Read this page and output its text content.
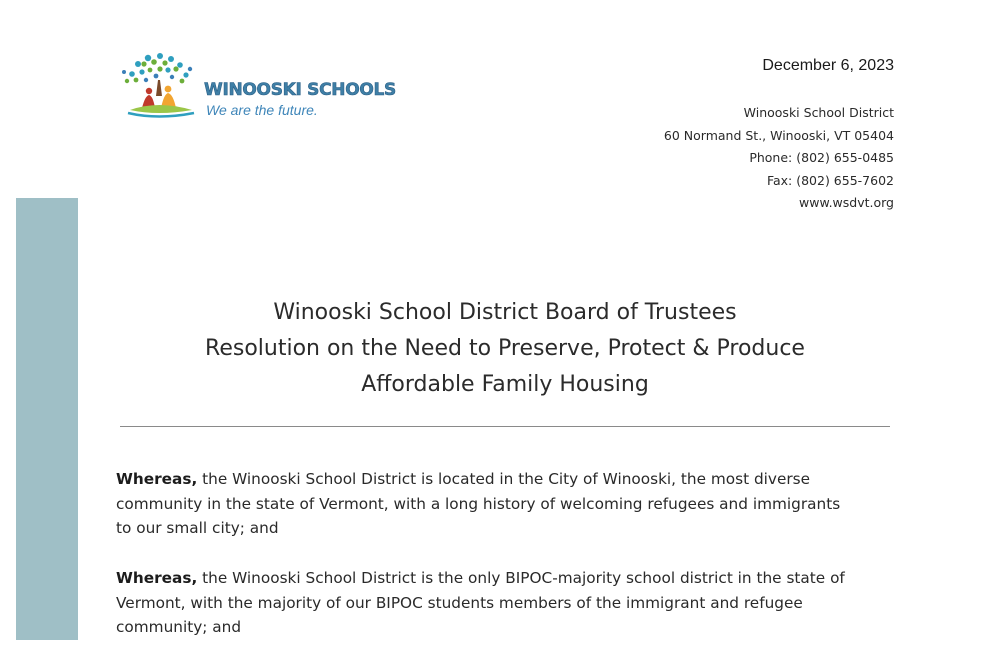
WINOOSKI SCHOOLS
We are the future.
December 6, 2023
Winooski School District
60 Normand St., Winooski, VT 05404
Phone: (802) 655-0485
Fax: (802) 655-7602
www.wsdvt.org
Winooski School District Board of Trustees
Resolution on the Need to Preserve, Protect & Produce
Affordable Family Housing
Whereas, the Winooski School District is located in the City of Winooski, the most diverse
community in the state of Vermont, with a long history of welcoming refugees and immigrants
to our small city; and
Whereas, the Winooski School District is the only BIPOC-majority school district in the state of
Vermont, with the majority of our BIPOC students members of the immigrant and refugee
community; and
